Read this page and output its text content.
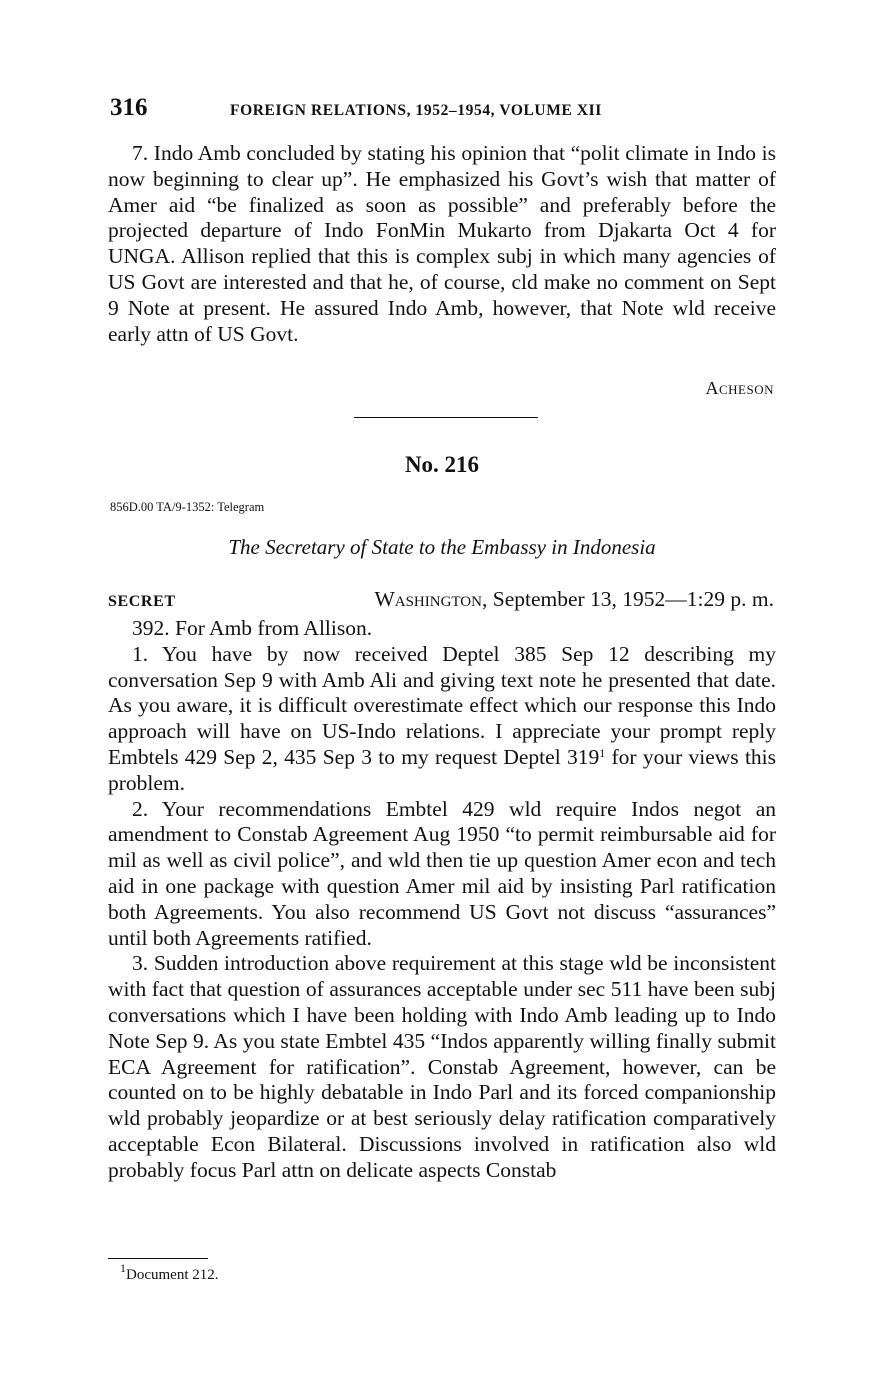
316	FOREIGN RELATIONS, 1952–1954, VOLUME XII

7. Indo Amb concluded by stating his opinion that “polit climate in Indo is now beginning to clear up”. He emphasized his Govt’s wish that matter of Amer aid “be finalized as soon as possible” and preferably before the projected departure of Indo FonMin Mukarto from Djakarta Oct 4 for UNGA. Allison replied that this is complex subj in which many agencies of US Govt are interested and that he, of course, cld make no comment on Sept 9 Note at present. He assured Indo Amb, however, that Note wld receive early attn of US Govt.

Acheson
No. 216
856D.00 TA/9-1352: Telegram
The Secretary of State to the Embassy in Indonesia
SECRET	Washington, September 13, 1952—1:29 p. m.

392. For Amb from Allison.

1. You have by now received Deptel 385 Sep 12 describing my conversation Sep 9 with Amb Ali and giving text note he presented that date. As you aware, it is difficult overestimate effect which our response this Indo approach will have on US-Indo relations. I appreciate your prompt reply Embtels 429 Sep 2, 435 Sep 3 to my request Deptel $319^1$ for your views this problem.

2. Your recommendations Embtel 429 wld require Indos negot an amendment to Constab Agreement Aug 1950 “to permit reimbursable aid for mil as well as civil police”, and wld then tie up question Amer econ and tech aid in one package with question Amer mil aid by insisting Parl ratification both Agreements. You also recommend US Govt not discuss “assurances” until both Agreements ratified.

3. Sudden introduction above requirement at this stage wld be inconsistent with fact that question of assurances acceptable under sec 511 have been subj conversations which I have been holding with Indo Amb leading up to Indo Note Sep 9. As you state Embtel 435 “Indos apparently willing finally submit ECA Agreement for ratification”. Constab Agreement, however, can be counted on to be highly debatable in Indo Parl and its forced companionship wld probably jeopardize or at best seriously delay ratification comparatively acceptable Econ Bilateral. Discussions involved in ratification also wld probably focus Parl attn on delicate aspects Constab

$^1$Document 212.
